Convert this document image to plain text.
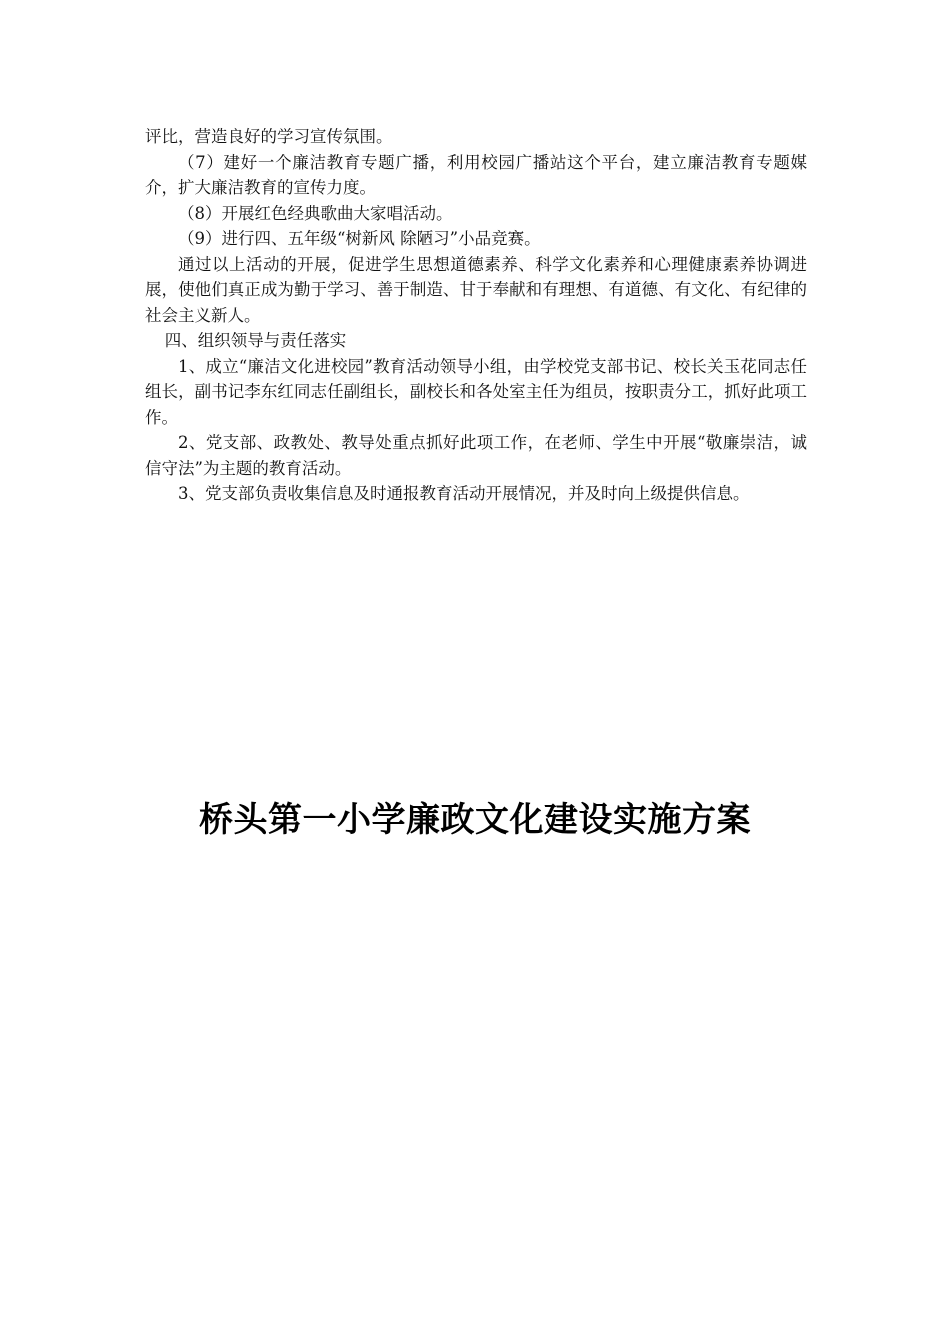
评比，营造良好的学习宣传氛围。

（7）建好一个廉洁教育专题广播，利用校园广播站这个平台，建立廉洁教育专题媒介，扩大廉洁教育的宣传力度。

（8）开展红色经典歌曲大家唱活动。

（9）进行四、五年级“树新风 除陋习”小品竞赛。

通过以上活动的开展，促进学生思想道德素养、科学文化素养和心理健康素养协调进展，使他们真正成为勤于学习、善于制造、甘于奉献和有理想、有道德、有文化、有纪律的社会主义新人。

四、组织领导与责任落实

1、成立“廉洁文化进校园”教育活动领导小组，由学校党支部书记、校长关玉花同志任组长，副书记李东红同志任副组长，副校长和各处室主任为组员，按职责分工，抓好此项工作。

2、党支部、政教处、教导处重点抓好此项工作，在老师、学生中开展“敬廉崇洁，诚信守法”为主题的教育活动。

3、党支部负责收集信息及时通报教育活动开展情况，并及时向上级提供信息。

桥头第一小学廉政文化建设实施方案
